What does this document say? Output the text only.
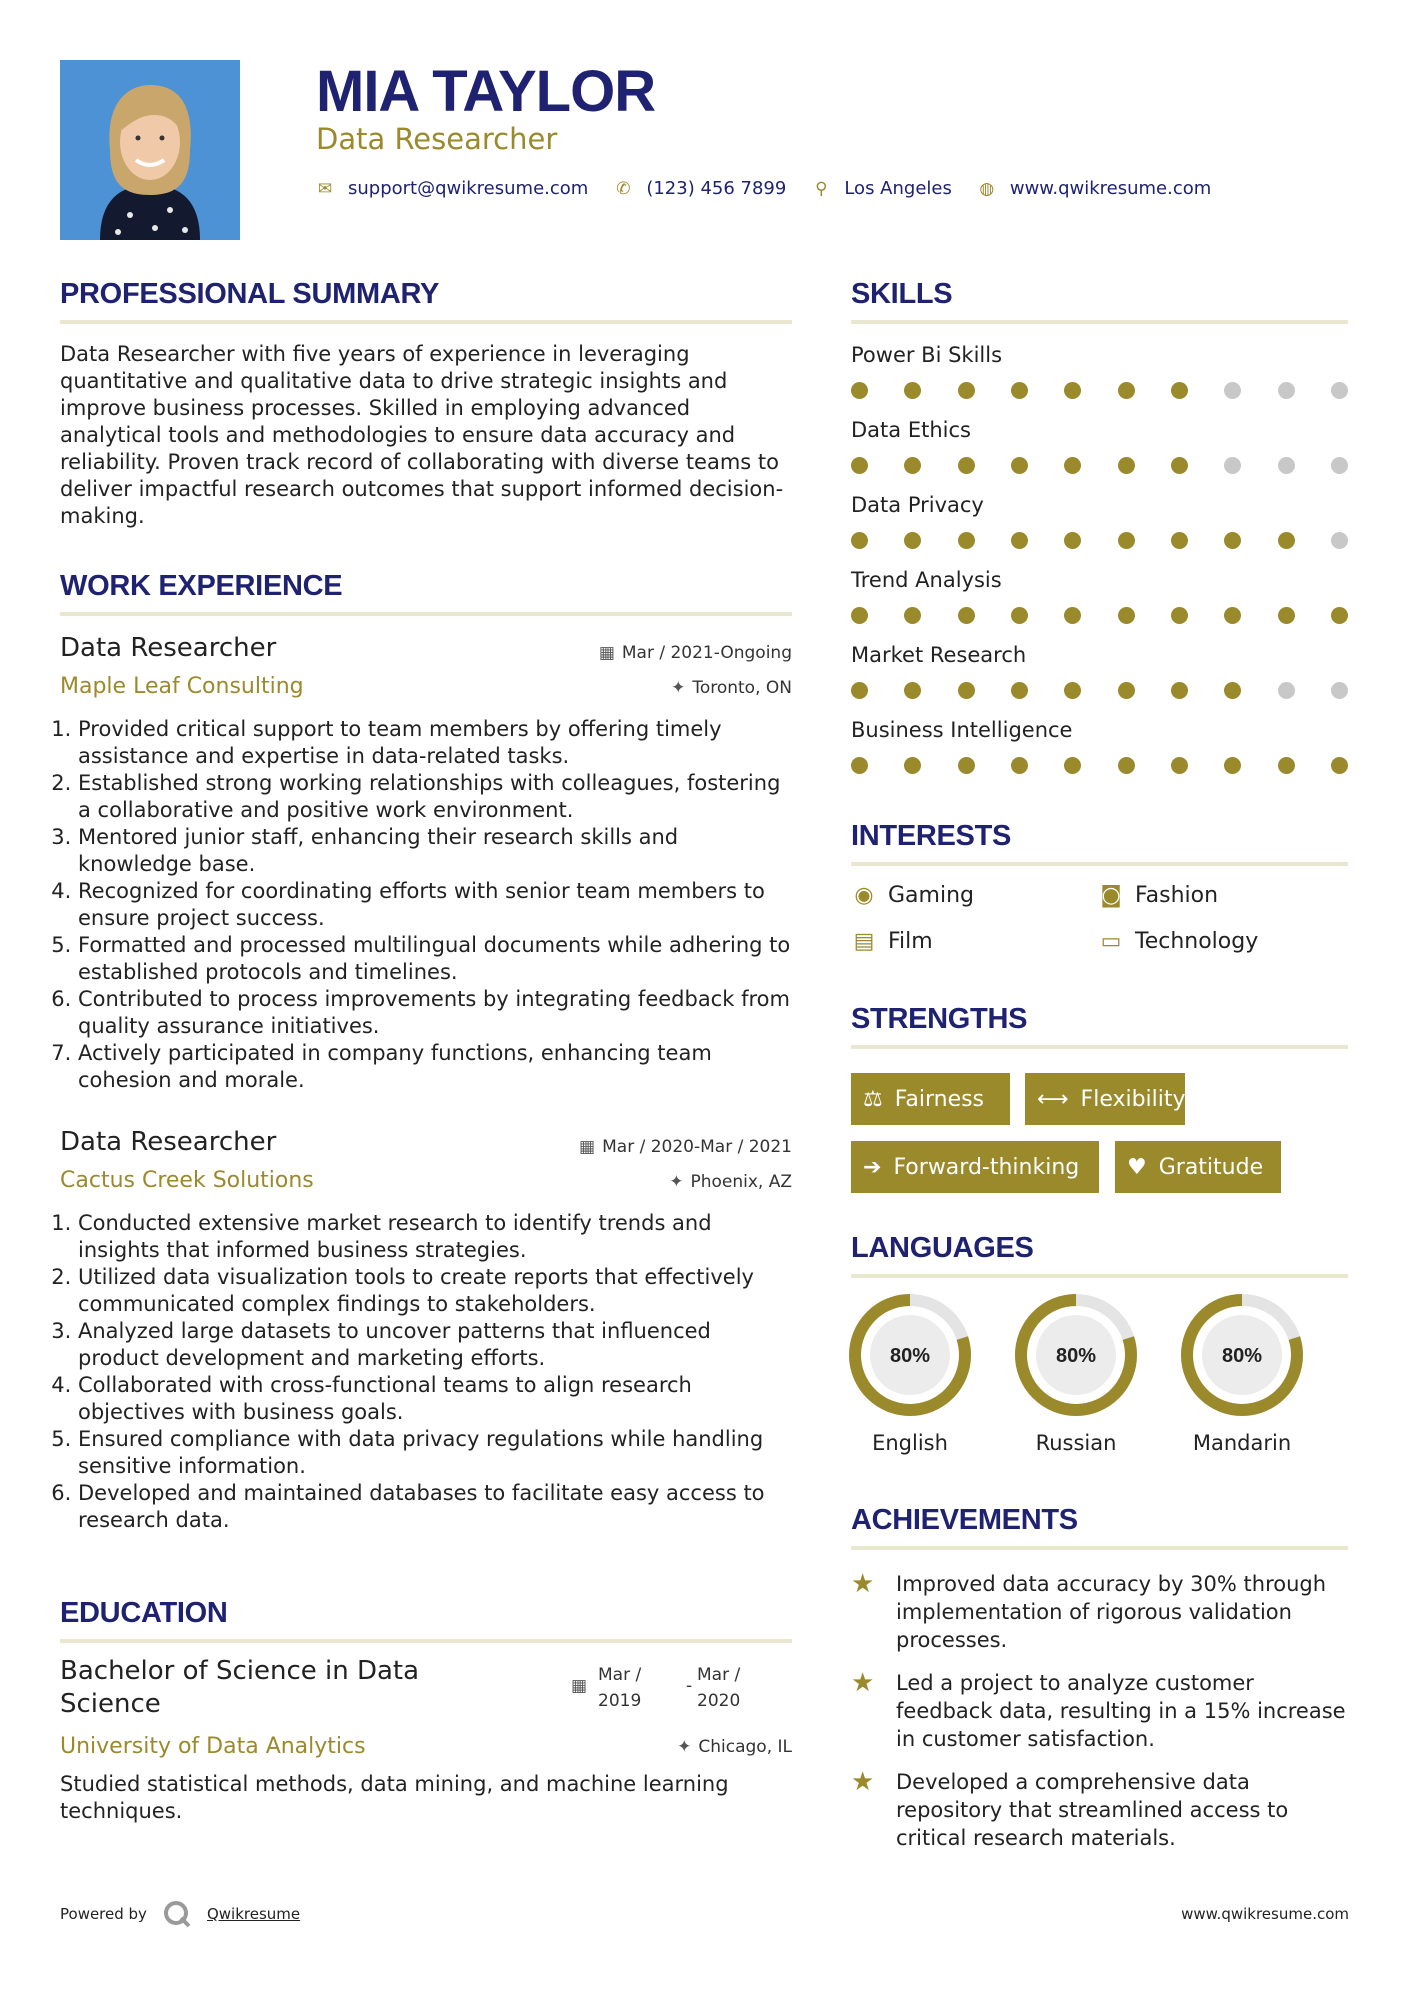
MIA TAYLOR
Data Researcher
✉ support@qwikresume.com ✆ (123) 456 7899 ⚲ Los Angeles ◍ www.qwikresume.com
PROFESSIONAL SUMMARY
Data Researcher with five years of experience in leveraging quantitative and qualitative data to drive strategic insights and improve business processes. Skilled in employing advanced analytical tools and methodologies to ensure data accuracy and reliability. Proven track record of collaborating with diverse teams to deliver impactful research outcomes that support informed decision-making.
WORK EXPERIENCE
Data Researcher	▦ Mar / 2021-Ongoing
Maple Leaf Consulting	✦ Toronto, ON
1. Provided critical support to team members by offering timely assistance and expertise in data-related tasks.
2. Established strong working relationships with colleagues, fostering a collaborative and positive work environment.
3. Mentored junior staff, enhancing their research skills and knowledge base.
4. Recognized for coordinating efforts with senior team members to ensure project success.
5. Formatted and processed multilingual documents while adhering to established protocols and timelines.
6. Contributed to process improvements by integrating feedback from quality assurance initiatives.
7. Actively participated in company functions, enhancing team cohesion and morale.
Data Researcher	▦ Mar / 2020-Mar / 2021
Cactus Creek Solutions	✦ Phoenix, AZ
1. Conducted extensive market research to identify trends and insights that informed business strategies.
2. Utilized data visualization tools to create reports that effectively communicated complex findings to stakeholders.
3. Analyzed large datasets to uncover patterns that influenced product development and marketing efforts.
4. Collaborated with cross-functional teams to align research objectives with business goals.
5. Ensured compliance with data privacy regulations while handling sensitive information.
6. Developed and maintained databases to facilitate easy access to research data.
EDUCATION
Bachelor of Science in Data Science
▦
Mar /
2019
-
Mar /
2020
University of Data Analytics	✦ Chicago, IL
Studied statistical methods, data mining, and machine learning techniques.
SKILLS
Power Bi Skills
Data Ethics
Data Privacy
Trend Analysis
Market Research
Business Intelligence
INTERESTS
◉ Gaming	◙ Fashion
▤ Film	▭ Technology
STRENGTHS
⚖ Fairness ⟷ Flexibility
➔ Forward-thinking ♥ Gratitude
LANGUAGES
80%
English
80%
Russian
80%
Mandarin
ACHIEVEMENTS
★	Improved data accuracy by 30% through implementation of rigorous validation processes.
★	Led a project to analyze customer feedback data, resulting in a 15% increase in customer satisfaction.
★	Developed a comprehensive data repository that streamlined access to critical research materials.
Powered by	Qwikresume	www.qwikresume.com
